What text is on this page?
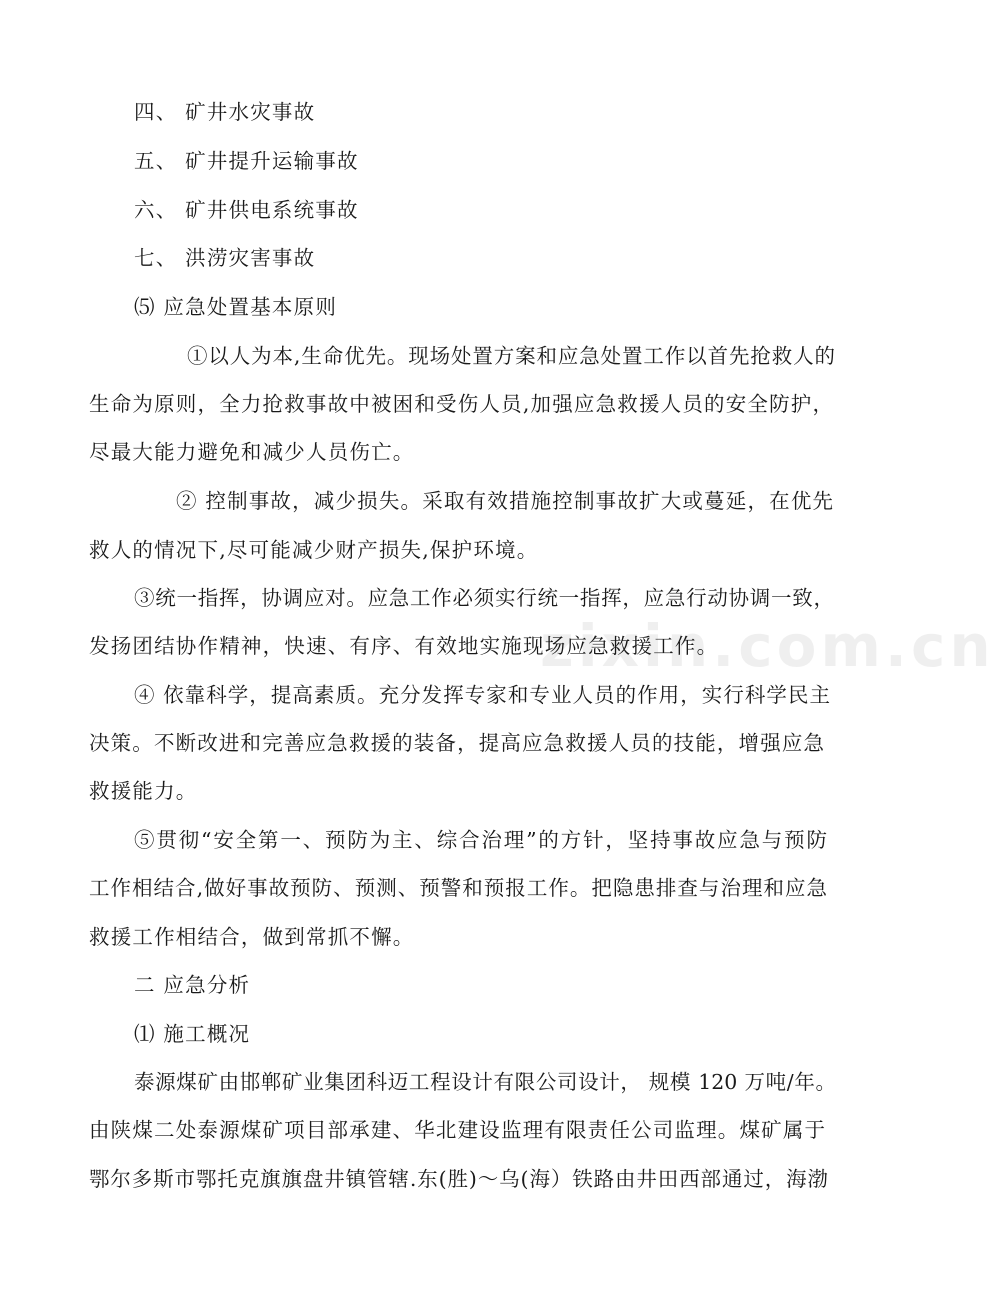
四、 矿井水灾事故
五、 矿井提升运输事故
六、 矿井供电系统事故
七、 洪涝灾害事故
⑸ 应急处置基本原则
①以人为本,生命优先。现场处置方案和应急处置工作以首先抢救人的
生命为原则，全力抢救事故中被困和受伤人员,加强应急救援人员的安全防护，
尽最大能力避免和减少人员伤亡。
② 控制事故，减少损失。采取有效措施控制事故扩大或蔓延，在优先
救人的情况下,尽可能减少财产损失,保护环境。
③统一指挥，协调应对。应急工作必须实行统一指挥，应急行动协调一致，
发扬团结协作精神，快速、有序、有效地实施现场应急救援工作。
④ 依靠科学，提高素质。充分发挥专家和专业人员的作用，实行科学民主
决策。不断改进和完善应急救援的装备，提高应急救援人员的技能，增强应急
救援能力。
⑤贯彻“安全第一、预防为主、综合治理”的方针，坚持事故应急与预防
工作相结合,做好事故预防、预测、预警和预报工作。把隐患排查与治理和应急
救援工作相结合，做到常抓不懈。
二 应急分析
⑴ 施工概况
泰源煤矿由邯郸矿业集团科迈工程设计有限公司设计， 规模 120 万吨/年。
由陕煤二处泰源煤矿项目部承建、华北建设监理有限责任公司监理。煤矿属于
鄂尔多斯市鄂托克旗旗盘井镇管辖.东(胜)～乌(海）铁路由井田西部通过，海渤
zixin.com.cn
